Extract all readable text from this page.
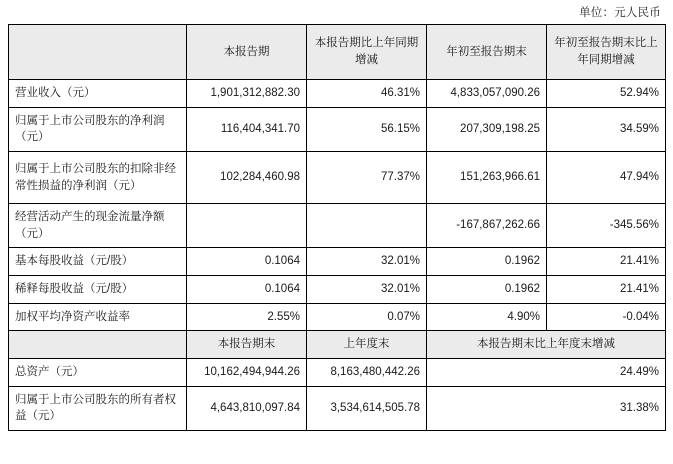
单位：元人民币
	本报告期	本报告期比上年同期增减	年初至报告期末	年初至报告期末比上年同期增减
营业收入（元）	1,901,312,882.30	46.31%	4,833,057,090.26	52.94%
归属于上市公司股东的净利润（元）	116,404,341.70	56.15%	207,309,198.25	34.59%
归属于上市公司股东的扣除非经常性损益的净利润（元）	102,284,460.98	77.37%	151,263,966.61	47.94%
经营活动产生的现金流量净额（元）			-167,867,262.66	-345.56%
基本每股收益（元/股）	0.1064	32.01%	0.1962	21.41%
稀释每股收益（元/股）	0.1064	32.01%	0.1962	21.41%
加权平均净资产收益率	2.55%	0.07%	4.90%	-0.04%
	本报告期末	上年度末	本报告期末比上年度末增减	
总资产（元）	10,162,494,944.26	8,163,480,442.26	24.49%	
归属于上市公司股东的所有者权益（元）	4,643,810,097.84	3,534,614,505.78	31.38%	
